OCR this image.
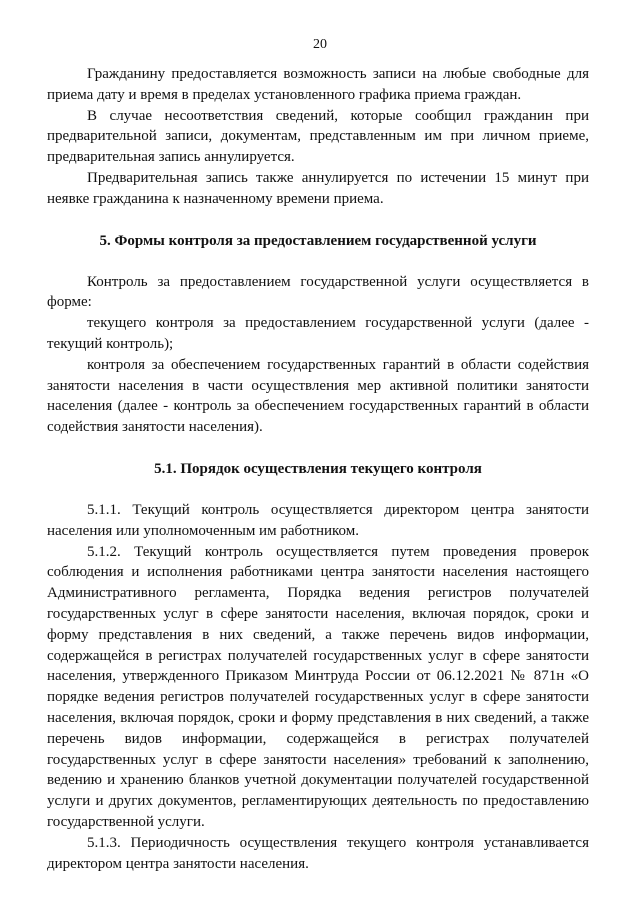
20

Гражданину предоставляется возможность записи на любые свободные для приема дату и время в пределах установленного графика приема граждан.

В случае несоответствия сведений, которые сообщил гражданин при предварительной записи, документам, представленным им при личном приеме, предварительная запись аннулируется.

Предварительная запись также аннулируется по истечении 15 минут при неявке гражданина к назначенному времени приема.

5. Формы контроля за предоставлением государственной услуги

Контроль за предоставлением государственной услуги осуществляется в форме:

текущего контроля за предоставлением государственной услуги (далее - текущий контроль);

контроля за обеспечением государственных гарантий в области содействия занятости населения в части осуществления мер активной политики занятости населения (далее - контроль за обеспечением государственных гарантий в области содействия занятости населения).

5.1. Порядок осуществления текущего контроля

5.1.1. Текущий контроль осуществляется директором центра занятости населения или уполномоченным им работником.

5.1.2. Текущий контроль осуществляется путем проведения проверок соблюдения и исполнения работниками центра занятости населения настоящего Административного регламента, Порядка ведения регистров получателей государственных услуг в сфере занятости населения, включая порядок, сроки и форму представления в них сведений, а также перечень видов информации, содержащейся в регистрах получателей государственных услуг в сфере занятости населения, утвержденного Приказом Минтруда России от 06.12.2021 № 871н «О порядке ведения регистров получателей государственных услуг в сфере занятости населения, включая порядок, сроки и форму представления в них сведений, а также перечень видов информации, содержащейся в регистрах получателей государственных услуг в сфере занятости населения» требований к заполнению, ведению и хранению бланков учетной документации получателей государственной услуги и других документов, регламентирующих деятельность по предоставлению государственной услуги.

5.1.3. Периодичность осуществления текущего контроля устанавливается директором центра занятости населения.
